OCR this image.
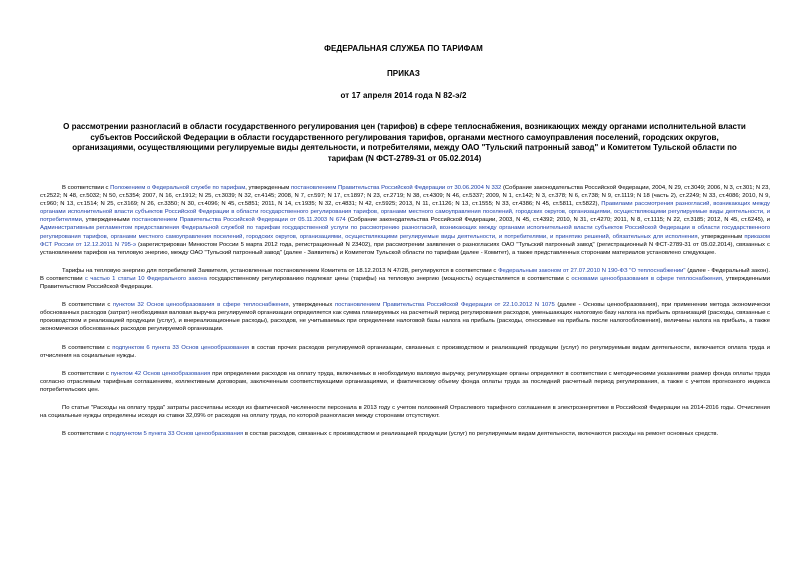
ФЕДЕРАЛЬНАЯ СЛУЖБА ПО ТАРИФАМ
ПРИКАЗ
от 17 апреля 2014 года N 82-э/2
О рассмотрении разногласий в области государственного регулирования цен (тарифов) в сфере теплоснабжения, возникающих между органами исполнительной власти субъектов Российской Федерации в области государственного регулирования тарифов, органами местного самоуправления поселений, городских округов, организациями, осуществляющими регулируемые виды деятельности, и потребителями, между ОАО "Тульский патронный завод" и Комитетом Тульской области по тарифам (N ФСТ-2789-31 от 05.02.2014)

В соответствии с Положением о Федеральной службе по тарифам, утвержденным постановлением Правительства Российской Федерации от 30.06.2004 N 332 (Собрание законодательства Российской Федерации, 2004, N 29, ст.3049; 2006, N 3, ст.301; N 23, ст.2522; N 48, ст.5032; N 50, ст.5354; 2007, N 16, ст.1912; N 25, ст.3039; N 32, ст.4145; 2008, N 7, ст.597; N 17, ст.1897; N 23, ст.2719; N 38, ст.4309; N 46, ст.5337; 2009, N 1, ст.142; N 3, ст.378; N 6, ст.738; N 9, ст.1119; N 18 (часть 2), ст.2249; N 33, ст.4086; 2010, N 9, ст.960; N 13, ст.1514; N 25, ст.3169; N 26, ст.3350; N 30, ст.4096; N 45, ст.5851; 2011, N 14, ст.1935; N 32, ст.4831; N 42, ст.5925; 2013, N 11, ст.1126; N 13, ст.1555; N 33, ст.4386; N 45, ст.5811, ст.5822), Правилами рассмотрения разногласий, возникающих между органами исполнительной власти субъектов Российской Федерации в области государственного регулирования тарифов, органами местного самоуправления поселений, городских округов, организациями, осуществляющими регулируемые виды деятельности, и потребителями, утвержденными постановлением Правительства Российской Федерации от 05.11.2003 N 674 (Собрание законодательства Российской Федерации, 2003, N 45, ст.4392; 2010, N 31, ст.4270; 2011, N 8, ст.1115; N 22, ст.3185; 2012, N 45, ст.6245), и Административным регламентом предоставления Федеральной службой по тарифам государственной услуги по рассмотрению разногласий, возникающих между органами исполнительной власти субъектов Российской Федерации в области государственного регулирования тарифов, органами местного самоуправления поселений, городских округов, организациями, осуществляющими регулируемые виды деятельности, и потребителями, и принятию решений, обязательных для исполнения, утвержденным приказом ФСТ России от 12.12.2011 N 795-э (зарегистрирован Минюстом России 5 марта 2012 года, регистрационный N 23402), при рассмотрении заявления о разногласиях ОАО "Тульский патронный завод" (регистрационный N ФСТ-2789-31 от 05.02.2014), связанных с установлением тарифов на тепловую энергию, между ОАО "Тульский патронный завод" (далее - Заявитель) и Комитетом Тульской области по тарифам (далее - Комитет), а также представленных сторонами материалов установлено следующее.

Тарифы на тепловую энергию для потребителей Заявителя, установленные постановлением Комитета от 18.12.2013 N 47/28, регулируются в соответствии с Федеральным законом от 27.07.2010 N 190-ФЗ "О теплоснабжении" (далее - Федеральный закон). В соответствии с частью 1 статьи 10 Федерального закона государственному регулированию подлежат цены (тарифы) на тепловую энергию (мощность) осуществляется в соответствии с основами ценообразования в сфере теплоснабжения, утвержденными Правительством Российской Федерации.

В соответствии с пунктом 32 Основ ценообразования в сфере теплоснабжения, утвержденных постановлением Правительства Российской Федерации от 22.10.2012 N 1075 (далее - Основы ценообразования), при применении метода экономически обоснованных расходов (затрат) необходимая валовая выручка регулируемой организации определяется как сумма планируемых на расчетный период регулирования расходов, уменьшающих налоговую базу налога на прибыль организаций (расходы, связанные с производством и реализацией продукции (услуг), и внереализационные расходы), расходов, не учитываемых при определении налоговой базы налога на прибыль (расходы, относимые на прибыль после налогообложения), величины налога на прибыль, а также экономически обоснованных расходов регулируемой организации.

В соответствии с подпунктом 6 пункта 33 Основ ценообразования в состав прочих расходов регулируемой организации, связанных с производством и реализацией продукции (услуг) по регулируемым видам деятельности, включается оплата труда и отчисления на социальные нужды.

В соответствии с пунктом 42 Основ ценообразования при определении расходов на оплату труда, включаемых в необходимую валовую выручку, регулирующие органы определяют в соответствии с методическими указаниями размер фонда оплаты труда согласно отраслевым тарифным соглашениям, коллективным договорам, заключенным соответствующими организациями, и фактическому объему фонда оплаты труда за последний расчетный период регулирования, а также с учетом прогнозного индекса потребительских цен.

По статье "Расходы на оплату труда" затраты рассчитаны исходя из фактической численности персонала в 2013 году с учетом положений Отраслевого тарифного соглашения в электроэнергетике в Российской Федерации на 2014-2016 годы. Отчисления на социальные нужды определены исходя из ставки 32,09% от расходов на оплату труда, по которой разногласия между сторонами отсутствуют.

В соответствии с подпунктом 5 пункта 33 Основ ценообразования в состав расходов, связанных с производством и реализацией продукции (услуг) по регулируемым видам деятельности, включаются расходы на ремонт основных средств.
